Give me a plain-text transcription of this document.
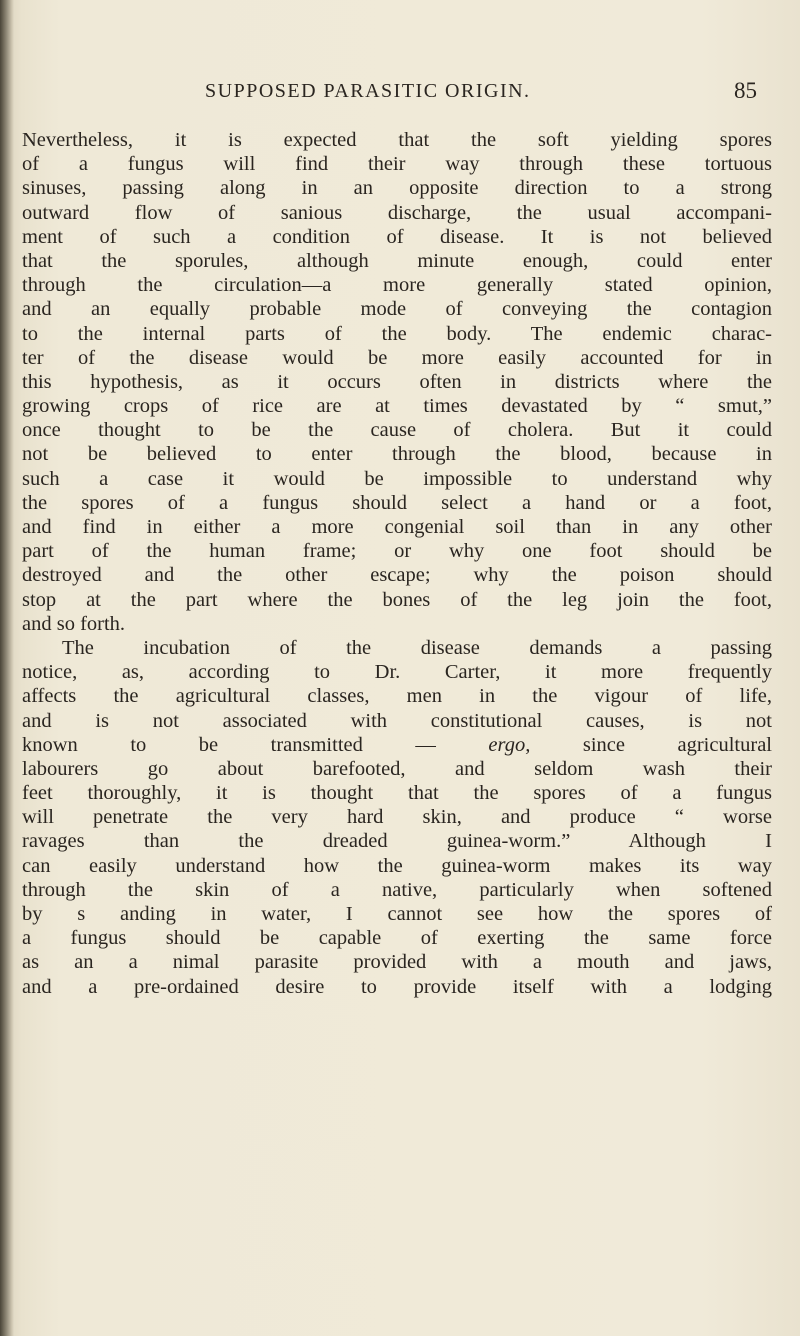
SUPPOSED PARASITIC ORIGIN.	85
Nevertheless, it is expected that the soft yielding spores
of a fungus will find their way through these tortuous
sinuses, passing along in an opposite direction to a strong
outward flow of sanious discharge, the usual accompani-
ment of such a condition of disease. It is not believed
that the sporules, although minute enough, could enter
through the circulation—a more generally stated opinion,
and an equally probable mode of conveying the contagion
to the internal parts of the body. The endemic charac-
ter of the disease would be more easily accounted for in
this hypothesis, as it occurs often in districts where the
growing crops of rice are at times devastated by “ smut,”
once thought to be the cause of cholera. But it could
not be believed to enter through the blood, because in
such a case it would be impossible to understand why
the spores of a fungus should select a hand or a foot,
and find in either a more congenial soil than in any other
part of the human frame; or why one foot should be
destroyed and the other escape; why the poison should
stop at the part where the bones of the leg join the foot,
and so forth.
The incubation of the disease demands a passing
notice, as, according to Dr. Carter, it more frequently
affects the agricultural classes, men in the vigour of life,
and is not associated with constitutional causes, is not
known to be transmitted — ergo, since agricultural
labourers go about barefooted, and seldom wash their
feet thoroughly, it is thought that the spores of a fungus
will penetrate the very hard skin, and produce “ worse
ravages than the dreaded guinea-worm.” Although I
can easily understand how the guinea-worm makes its way
through the skin of a native, particularly when softened
by s anding in water, I cannot see how the spores of
a fungus should be capable of exerting the same force
as an a nimal parasite provided with a mouth and jaws,
and a pre-ordained desire to provide itself with a lodging
